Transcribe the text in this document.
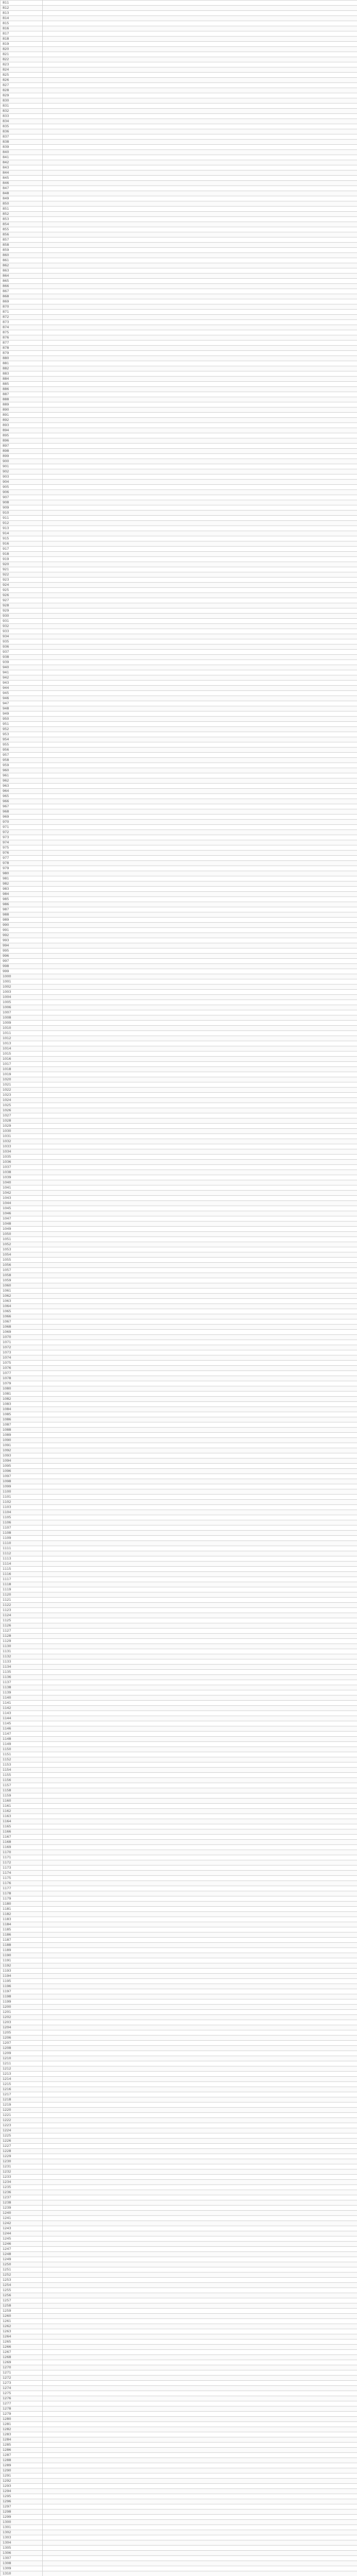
811	
812	
813	
814	
815	
816	
817	
818	
819	
820	
821	
822	
823	
824	
825	
826	
827	
828	
829	
830	
831	
832	
833	
834	
835	
836	
837	
838	
839	
840	
841	
842	
843	
844	
845	
846	
847	
848	
849	
850	
851	
852	
853	
854	
855	
856	
857	
858	
859	
860	
861	
862	
863	
864	
865	
866	
867	
868	
869	
870	
871	
872	
873	
874	
875	
876	
877	
878	
879	
880	
881	
882	
883	
884	
885	
886	
887	
888	
889	
890	
891	
892	
893	
894	
895	
896	
897	
898	
899	
900	
901	
902	
903	
904	
905	
906	
907	
908	
909	
910	
911	
912	
913	
914	
915	
916	
917	
918	
919	
920	
921	
922	
923	
924	
925	
926	
927	
928	
929	
930	
931	
932	
933	
934	
935	
936	
937	
938	
939	
940	
941	
942	
943	
944	
945	
946	
947	
948	
949	
950	
951	
952	
953	
954	
955	
956	
957	
958	
959	
960	
961	
962	
963	
964	
965	
966	
967	
968	
969	
970	
971	
972	
973	
974	
975	
976	
977	
978	
979	
980	
981	
982	
983	
984	
985	
986	
987	
988	
989	
990	
991	
992	
993	
994	
995	
996	
997	
998	
999	
1000	
1001	
1002	
1003	
1004	
1005	
1006	
1007	
1008	
1009	
1010	
1011	
1012	
1013	
1014	
1015	
1016	
1017	
1018	
1019	
1020	
1021	
1022	
1023	
1024	
1025	
1026	
1027	
1028	
1029	
1030	
1031	
1032	
1033	
1034	
1035	
1036	
1037	
1038	
1039	
1040	
1041	
1042	
1043	
1044	
1045	
1046	
1047	
1048	
1049	
1050	
1051	
1052	
1053	
1054	
1055	
1056	
1057	
1058	
1059	
1060	
1061	
1062	
1063	
1064	
1065	
1066	
1067	
1068	
1069	
1070	
1071	
1072	
1073	
1074	
1075	
1076	
1077	
1078	
1079	
1080	
1081	
1082	
1083	
1084	
1085	
1086	
1087	
1088	
1089	
1090	
1091	
1092	
1093	
1094	
1095	
1096	
1097	
1098	
1099	
1100	
1101	
1102	
1103	
1104	
1105	
1106	
1107	
1108	
1109	
1110	
1111	
1112	
1113	
1114	
1115	
1116	
1117	
1118	
1119	
1120	
1121	
1122	
1123	
1124	
1125	
1126	
1127	
1128	
1129	
1130	
1131	
1132	
1133	
1134	
1135	
1136	
1137	
1138	
1139	
1140	
1141	
1142	
1143	
1144	
1145	
1146	
1147	
1148	
1149	
1150	
1151	
1152	
1153	
1154	
1155	
1156	
1157	
1158	
1159	
1160	
1161	
1162	
1163	
1164	
1165	
1166	
1167	
1168	
1169	
1170	
1171	
1172	
1173	
1174	
1175	
1176	
1177	
1178	
1179	
1180	
1181	
1182	
1183	
1184	
1185	
1186	
1187	
1188	
1189	
1190	
1191	
1192	
1193	
1194	
1195	
1196	
1197	
1198	
1199	
1200	
1201	
1202	
1203	
1204	
1205	
1206	
1207	
1208	
1209	
1210	
1211	
1212	
1213	
1214	
1215	
1216	
1217	
1218	
1219	
1220	
1221	
1222	
1223	
1224	
1225	
1226	
1227	
1228	
1229	
1230	
1231	
1232	
1233	
1234	
1235	
1236	
1237	
1238	
1239	
1240	
1241	
1242	
1243	
1244	
1245	
1246	
1247	
1248	
1249	
1250	
1251	
1252	
1253	
1254	
1255	
1256	
1257	
1258	
1259	
1260	
1261	
1262	
1263	
1264	
1265	
1266	
1267	
1268	
1269	
1270	
1271	
1272	
1273	
1274	
1275	
1276	
1277	
1278	
1279	
1280	
1281	
1282	
1283	
1284	
1285	
1286	
1287	
1288	
1289	
1290	
1291	
1292	
1293	
1294	
1295	
1296	
1297	
1298	
1299	
1300	
1301	
1302	
1303	
1304	
1305	
1306	
1307	
1308	
1309	
1310	
